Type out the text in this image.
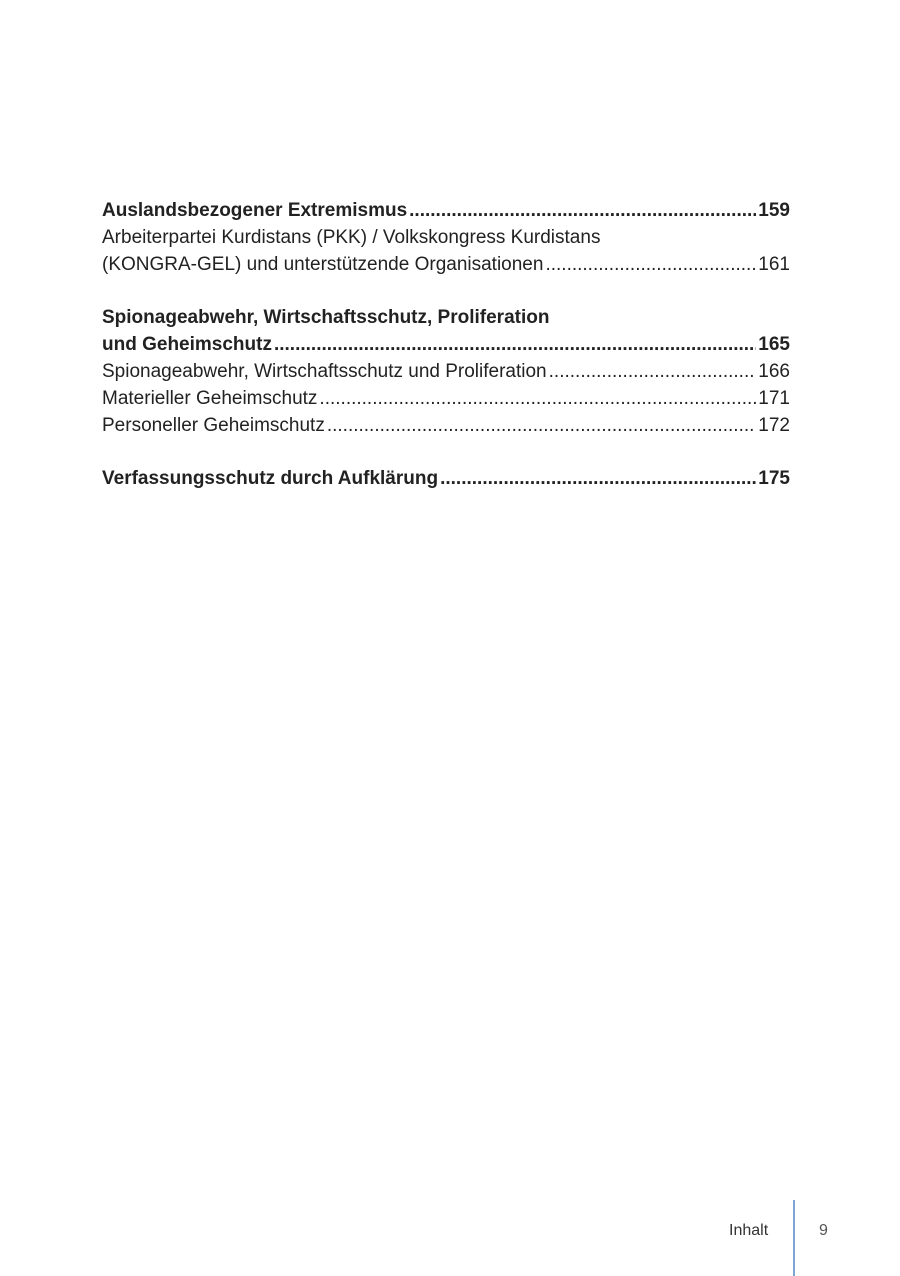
Auslandsbezogener Extremismus .....	159
Arbeiterpartei Kurdistans (PKK) / Volkskongress Kurdistans
(KONGRA-GEL) und unterstützende Organisationen .....	161
Spionageabwehr, Wirtschaftsschutz, Proliferation
und Geheimschutz .....	165
Spionageabwehr, Wirtschaftsschutz und Proliferation .....	166
Materieller Geheimschutz .....	171
Personeller Geheimschutz .....	172
Verfassungsschutz durch Aufklärung .....	175
Inhalt	9
